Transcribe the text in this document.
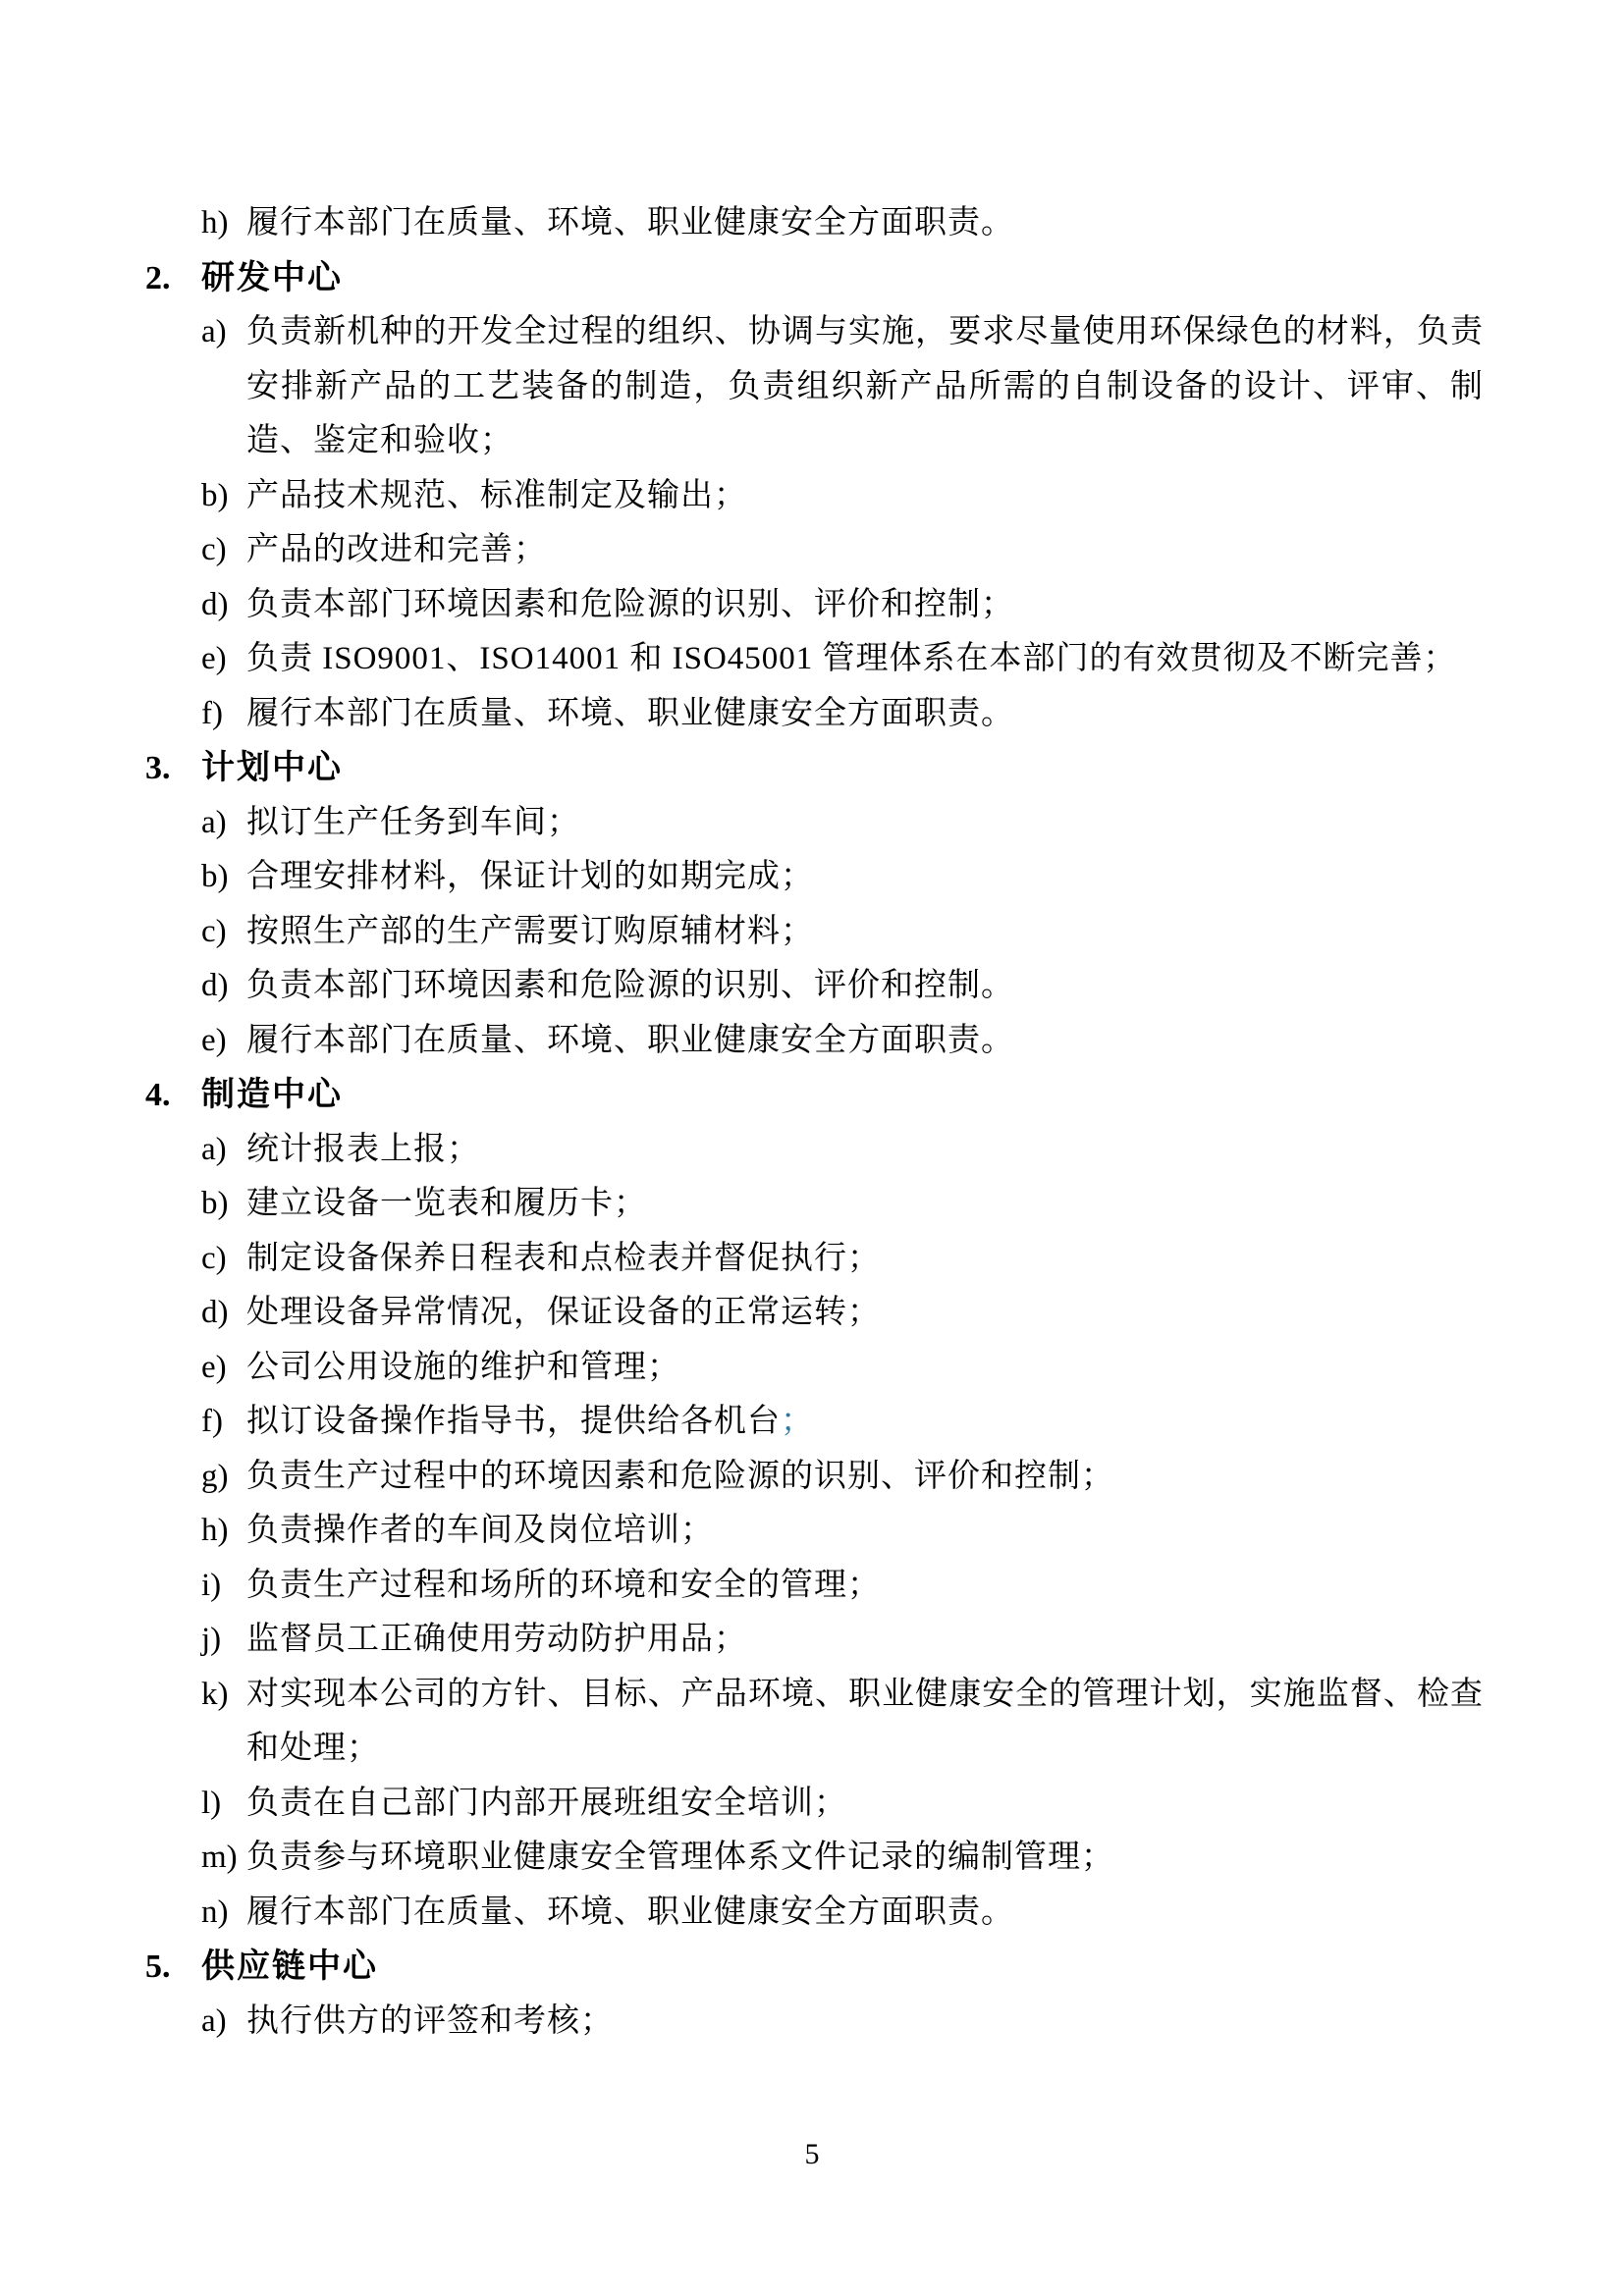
h) 履行本部门在质量、环境、职业健康安全方面职责。
2. 研发中心
a) 负责新机种的开发全过程的组织、协调与实施，要求尽量使用环保绿色的材料，负责安排新产品的工艺装备的制造，负责组织新产品所需的自制设备的设计、评审、制造、鉴定和验收；
b) 产品技术规范、标准制定及输出；
c) 产品的改进和完善；
d) 负责本部门环境因素和危险源的识别、评价和控制；
e) 负责 ISO9001、ISO14001 和 ISO45001 管理体系在本部门的有效贯彻及不断完善；
f) 履行本部门在质量、环境、职业健康安全方面职责。
3. 计划中心
a) 拟订生产任务到车间；
b) 合理安排材料，保证计划的如期完成；
c) 按照生产部的生产需要订购原辅材料；
d) 负责本部门环境因素和危险源的识别、评价和控制。
e) 履行本部门在质量、环境、职业健康安全方面职责。
4. 制造中心
a) 统计报表上报；
b) 建立设备一览表和履历卡；
c) 制定设备保养日程表和点检表并督促执行；
d) 处理设备异常情况，保证设备的正常运转；
e) 公司公用设施的维护和管理；
f) 拟订设备操作指导书，提供给各机台；
g) 负责生产过程中的环境因素和危险源的识别、评价和控制；
h) 负责操作者的车间及岗位培训；
i) 负责生产过程和场所的环境和安全的管理；
j) 监督员工正确使用劳动防护用品；
k) 对实现本公司的方针、目标、产品环境、职业健康安全的管理计划，实施监督、检查和处理；
l) 负责在自己部门内部开展班组安全培训；
m) 负责参与环境职业健康安全管理体系文件记录的编制管理；
n) 履行本部门在质量、环境、职业健康安全方面职责。
5. 供应链中心
a) 执行供方的评签和考核；
5
